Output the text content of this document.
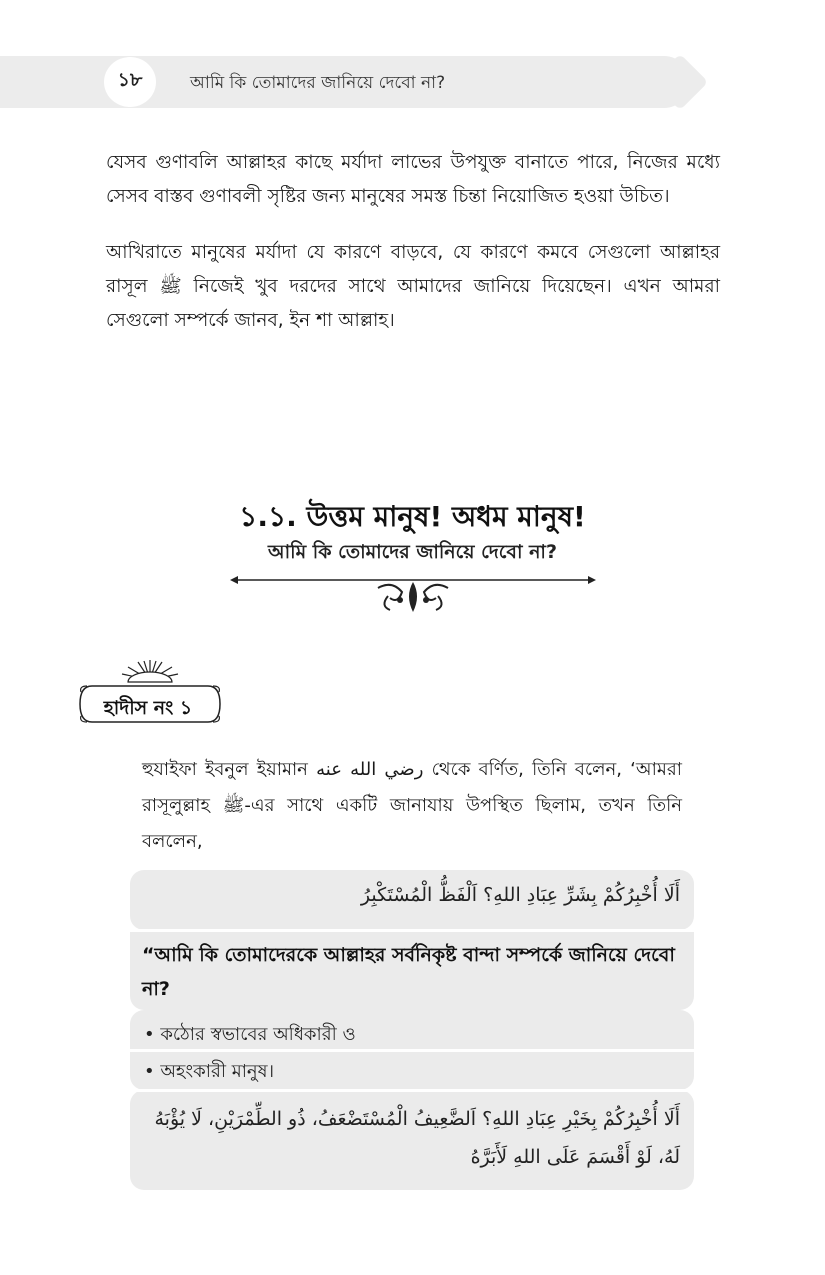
১৮	আমি কি তোমাদের জানিয়ে দেবো না?

যেসব গুণাবলি আল্লাহর কাছে মর্যাদা লাভের উপযুক্ত বানাতে পারে, নিজের মধ্যে সেসব বাস্তব গুণাবলী সৃষ্টির জন্য মানুষের সমস্ত চিন্তা নিয়োজিত হওয়া উচিত।

আখিরাতে মানুষের মর্যাদা যে কারণে বাড়বে, যে কারণে কমবে সেগুলো আল্লাহর রাসূল ﷺ নিজেই খুব দরদের সাথে আমাদের জানিয়ে দিয়েছেন। এখন আমরা সেগুলো সম্পর্কে জানব, ইন শা আল্লাহ।

১.১. উত্তম মানুষ! অধম মানুষ!
আমি কি তোমাদের জানিয়ে দেবো না?
হাদীস নং ১

হুযাইফা ইবনুল ইয়ামান رضي الله عنه থেকে বর্ণিত, তিনি বলেন, ‘আমরা রাসূলুল্লাহ ﷺ-এর সাথে একটি জানাযায় উপস্থিত ছিলাম, তখন তিনি বললেন,

أَلَا أُخْبِرُكُمْ بِشَرِّ عِبَادِ اللهِ؟ اَلْفَظُّ الْمُسْتَكْبِرُ

“আমি কি তোমাদেরকে আল্লাহর সর্বনিকৃষ্ট বান্দা সম্পর্কে জানিয়ে দেবো না?

• কঠোর স্বভাবের অধিকারী ও
• অহংকারী মানুষ।
أَلَا أُخْبِرُكُمْ بِخَيْرِ عِبَادِ اللهِ؟ اَلضَّعِيفُ الْمُسْتَضْعَفُ، ذُو الطِّمْرَيْنِ، لَا يُؤْبَهُ لَهُ، لَوْ أَقْسَمَ عَلَى اللهِ لَأَبَرَّهُ
